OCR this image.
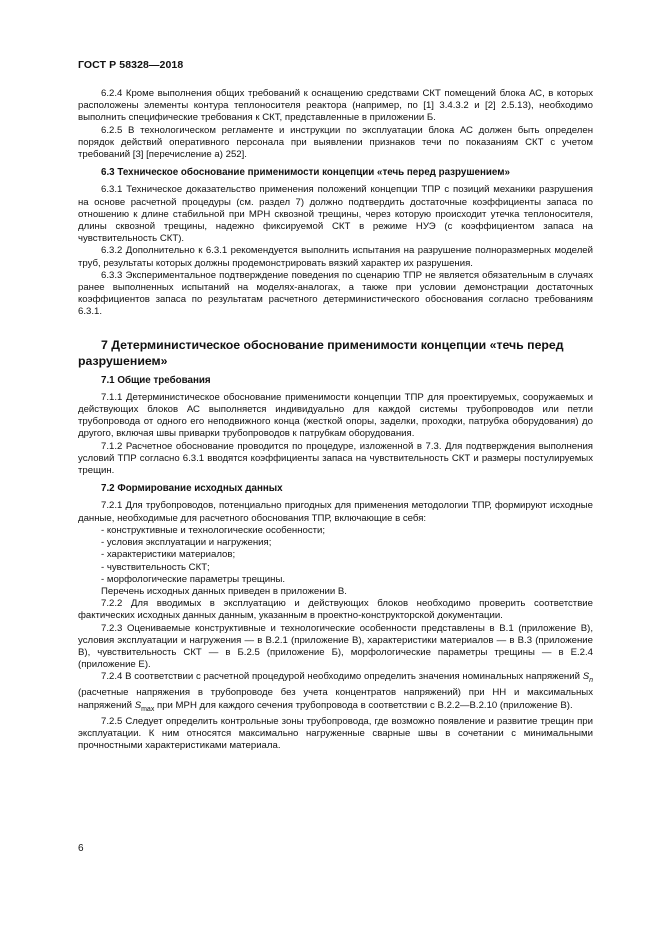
ГОСТ Р 58328—2018

6.2.4 Кроме выполнения общих требований к оснащению средствами СКТ помещений блока АС, в которых расположены элементы контура теплоносителя реактора (например, по [1] 3.4.3.2 и [2] 2.5.13), необходимо выполнить специфические требования к СКТ, представленные в приложении Б.

6.2.5 В технологическом регламенте и инструкции по эксплуатации блока АС должен быть определен порядок действий оперативного персонала при выявлении признаков течи по показаниям СКТ с учетом требований [3] [перечисление а) 252].

6.3 Техническое обоснование применимости концепции «течь перед разрушением»

6.3.1 Техническое доказательство применения положений концепции ТПР с позиций механики разрушения на основе расчетной процедуры (см. раздел 7) должно подтвердить достаточные коэффициенты запаса по отношению к длине стабильной при МРН сквозной трещины, через которую происходит утечка теплоносителя, длины сквозной трещины, надежно фиксируемой СКТ в режиме НУЭ (с коэффициентом запаса на чувствительность СКТ).

6.3.2 Дополнительно к 6.3.1 рекомендуется выполнить испытания на разрушение полноразмерных моделей труб, результаты которых должны продемонстрировать вязкий характер их разрушения.

6.3.3 Экспериментальное подтверждение поведения по сценарию ТПР не является обязательным в случаях ранее выполненных испытаний на моделях-аналогах, а также при условии демонстрации достаточных коэффициентов запаса по результатам расчетного детерминистического обоснования согласно требованиям 6.3.1.

7 Детерминистическое обоснование применимости концепции «течь перед разрушением»
7.1 Общие требования

7.1.1 Детерминистическое обоснование применимости концепции ТПР для проектируемых, сооружаемых и действующих блоков АС выполняется индивидуально для каждой системы трубопроводов или петли трубопровода от одного его неподвижного конца (жесткой опоры, заделки, проходки, патрубка оборудования) до другого, включая швы приварки трубопроводов к патрубкам оборудования.

7.1.2 Расчетное обоснование проводится по процедуре, изложенной в 7.3. Для подтверждения выполнения условий ТПР согласно 6.3.1 вводятся коэффициенты запаса на чувствительность СКТ и размеры постулируемых трещин.

7.2 Формирование исходных данных

7.2.1 Для трубопроводов, потенциально пригодных для применения методологии ТПР, формируют исходные данные, необходимые для расчетного обоснования ТПР, включающие в себя:

- конструктивные и технологические особенности;

- условия эксплуатации и нагружения;

- характеристики материалов;

- чувствительность СКТ;

- морфологические параметры трещины.

Перечень исходных данных приведен в приложении В.

7.2.2 Для вводимых в эксплуатацию и действующих блоков необходимо проверить соответствие фактических исходных данных данным, указанным в проектно-конструкторской документации.

7.2.3 Оцениваемые конструктивные и технологические особенности представлены в В.1 (приложение В), условия эксплуатации и нагружения — в В.2.1 (приложение В), характеристики материалов — в В.3 (приложение В), чувствительность СКТ — в Б.2.5 (приложение Б), морфологические параметры трещины — в Е.2.4 (приложение Е).

7.2.4 В соответствии с расчетной процедурой необходимо определить значения номинальных напряжений $S_n$ (расчетные напряжения в трубопроводе без учета концентратов напряжений) при НН и максимальных напряжений $S_{max}$ при МРН для каждого сечения трубопровода в соответствии с В.2.2—В.2.10 (приложение В).

7.2.5 Следует определить контрольные зоны трубопровода, где возможно появление и развитие трещин при эксплуатации. К ним относятся максимально нагруженные сварные швы в сочетании с минимальными прочностными характеристиками материала.

6
